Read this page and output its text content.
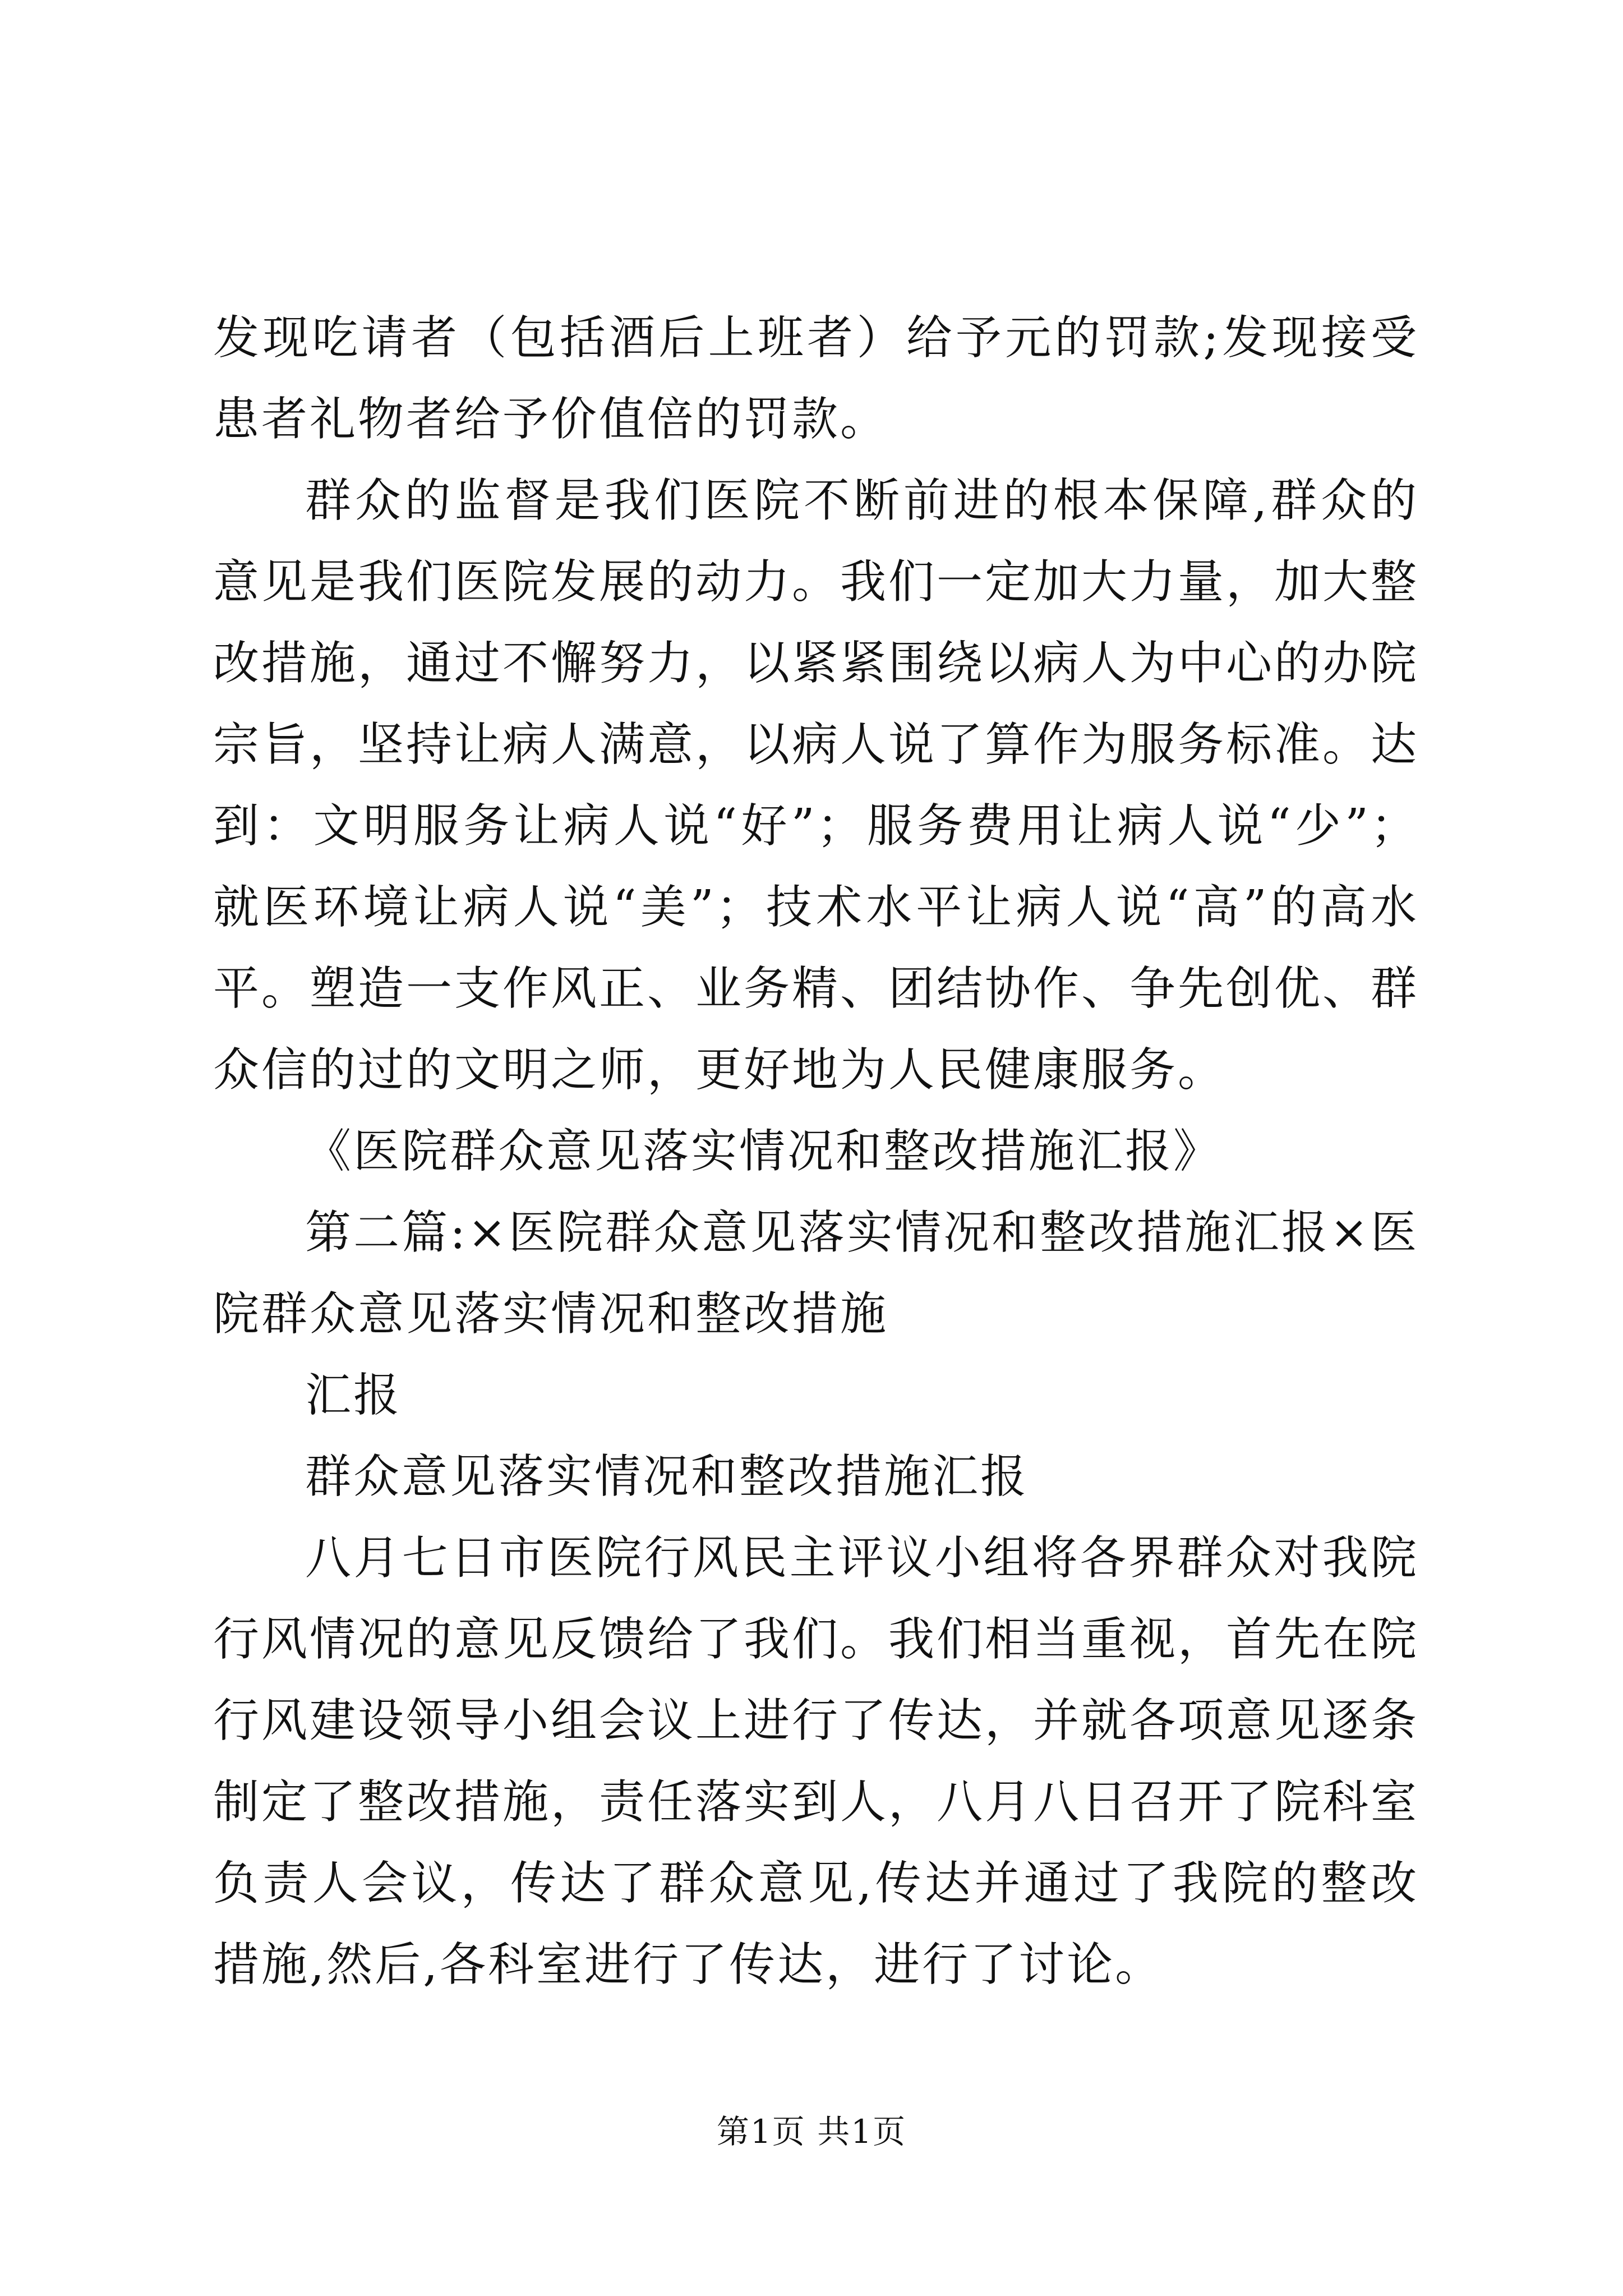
发现吃请者（包括酒后上班者）给予元的罚款;发现接受患者礼物者给予价值倍的罚款。

群众的监督是我们医院不断前进的根本保障,群众的意见是我们医院发展的动力。我们一定加大力量，加大整改措施，通过不懈努力，以紧紧围绕以病人为中心的办院宗旨，坚持让病人满意，以病人说了算作为服务标准。达到：文明服务让病人说“好”；服务费用让病人说“少”；就医环境让病人说“美”；技术水平让病人说“高”的高水平。塑造一支作风正、业务精、团结协作、争先创优、群众信的过的文明之师，更好地为人民健康服务。

《医院群众意见落实情况和整改措施汇报》

第二篇:×医院群众意见落实情况和整改措施汇报×医院群众意见落实情况和整改措施

汇报

群众意见落实情况和整改措施汇报

八月七日市医院行风民主评议小组将各界群众对我院行风情况的意见反馈给了我们。我们相当重视，首先在院行风建设领导小组会议上进行了传达，并就各项意见逐条制定了整改措施，责任落实到人，八月八日召开了院科室负责人会议，传达了群众意见,传达并通过了我院的整改措施,然后,各科室进行了传达，进行了讨论。

第1页 共1页
